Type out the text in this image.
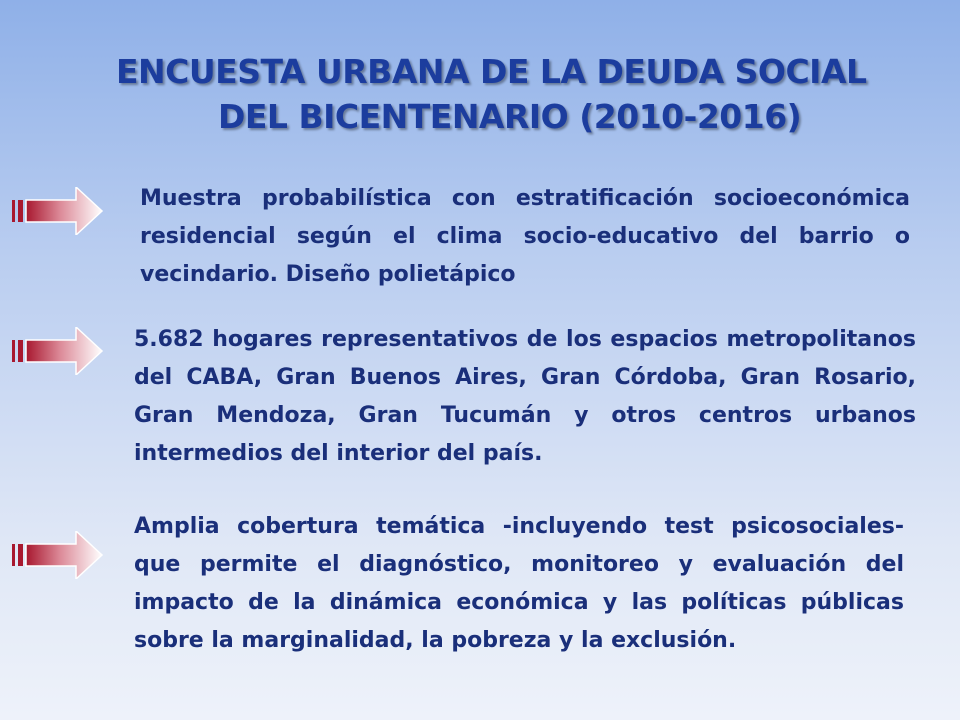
ENCUESTA URBANA DE LA DEUDA SOCIAL
DEL BICENTENARIO (2010-2016)

Muestra probabilística con estratificación socioeconómica residencial según el clima socio-educativo del barrio o vecindario. Diseño polietápico

5.682 hogares representativos de los espacios metropolitanos del CABA, Gran Buenos Aires, Gran Córdoba, Gran Rosario, Gran Mendoza, Gran Tucumán y otros centros urbanos intermedios del interior del país.

Amplia cobertura temática -incluyendo test psicosociales- que permite el diagnóstico, monitoreo y evaluación del impacto de la dinámica económica y las políticas públicas sobre la marginalidad, la pobreza y la exclusión.
